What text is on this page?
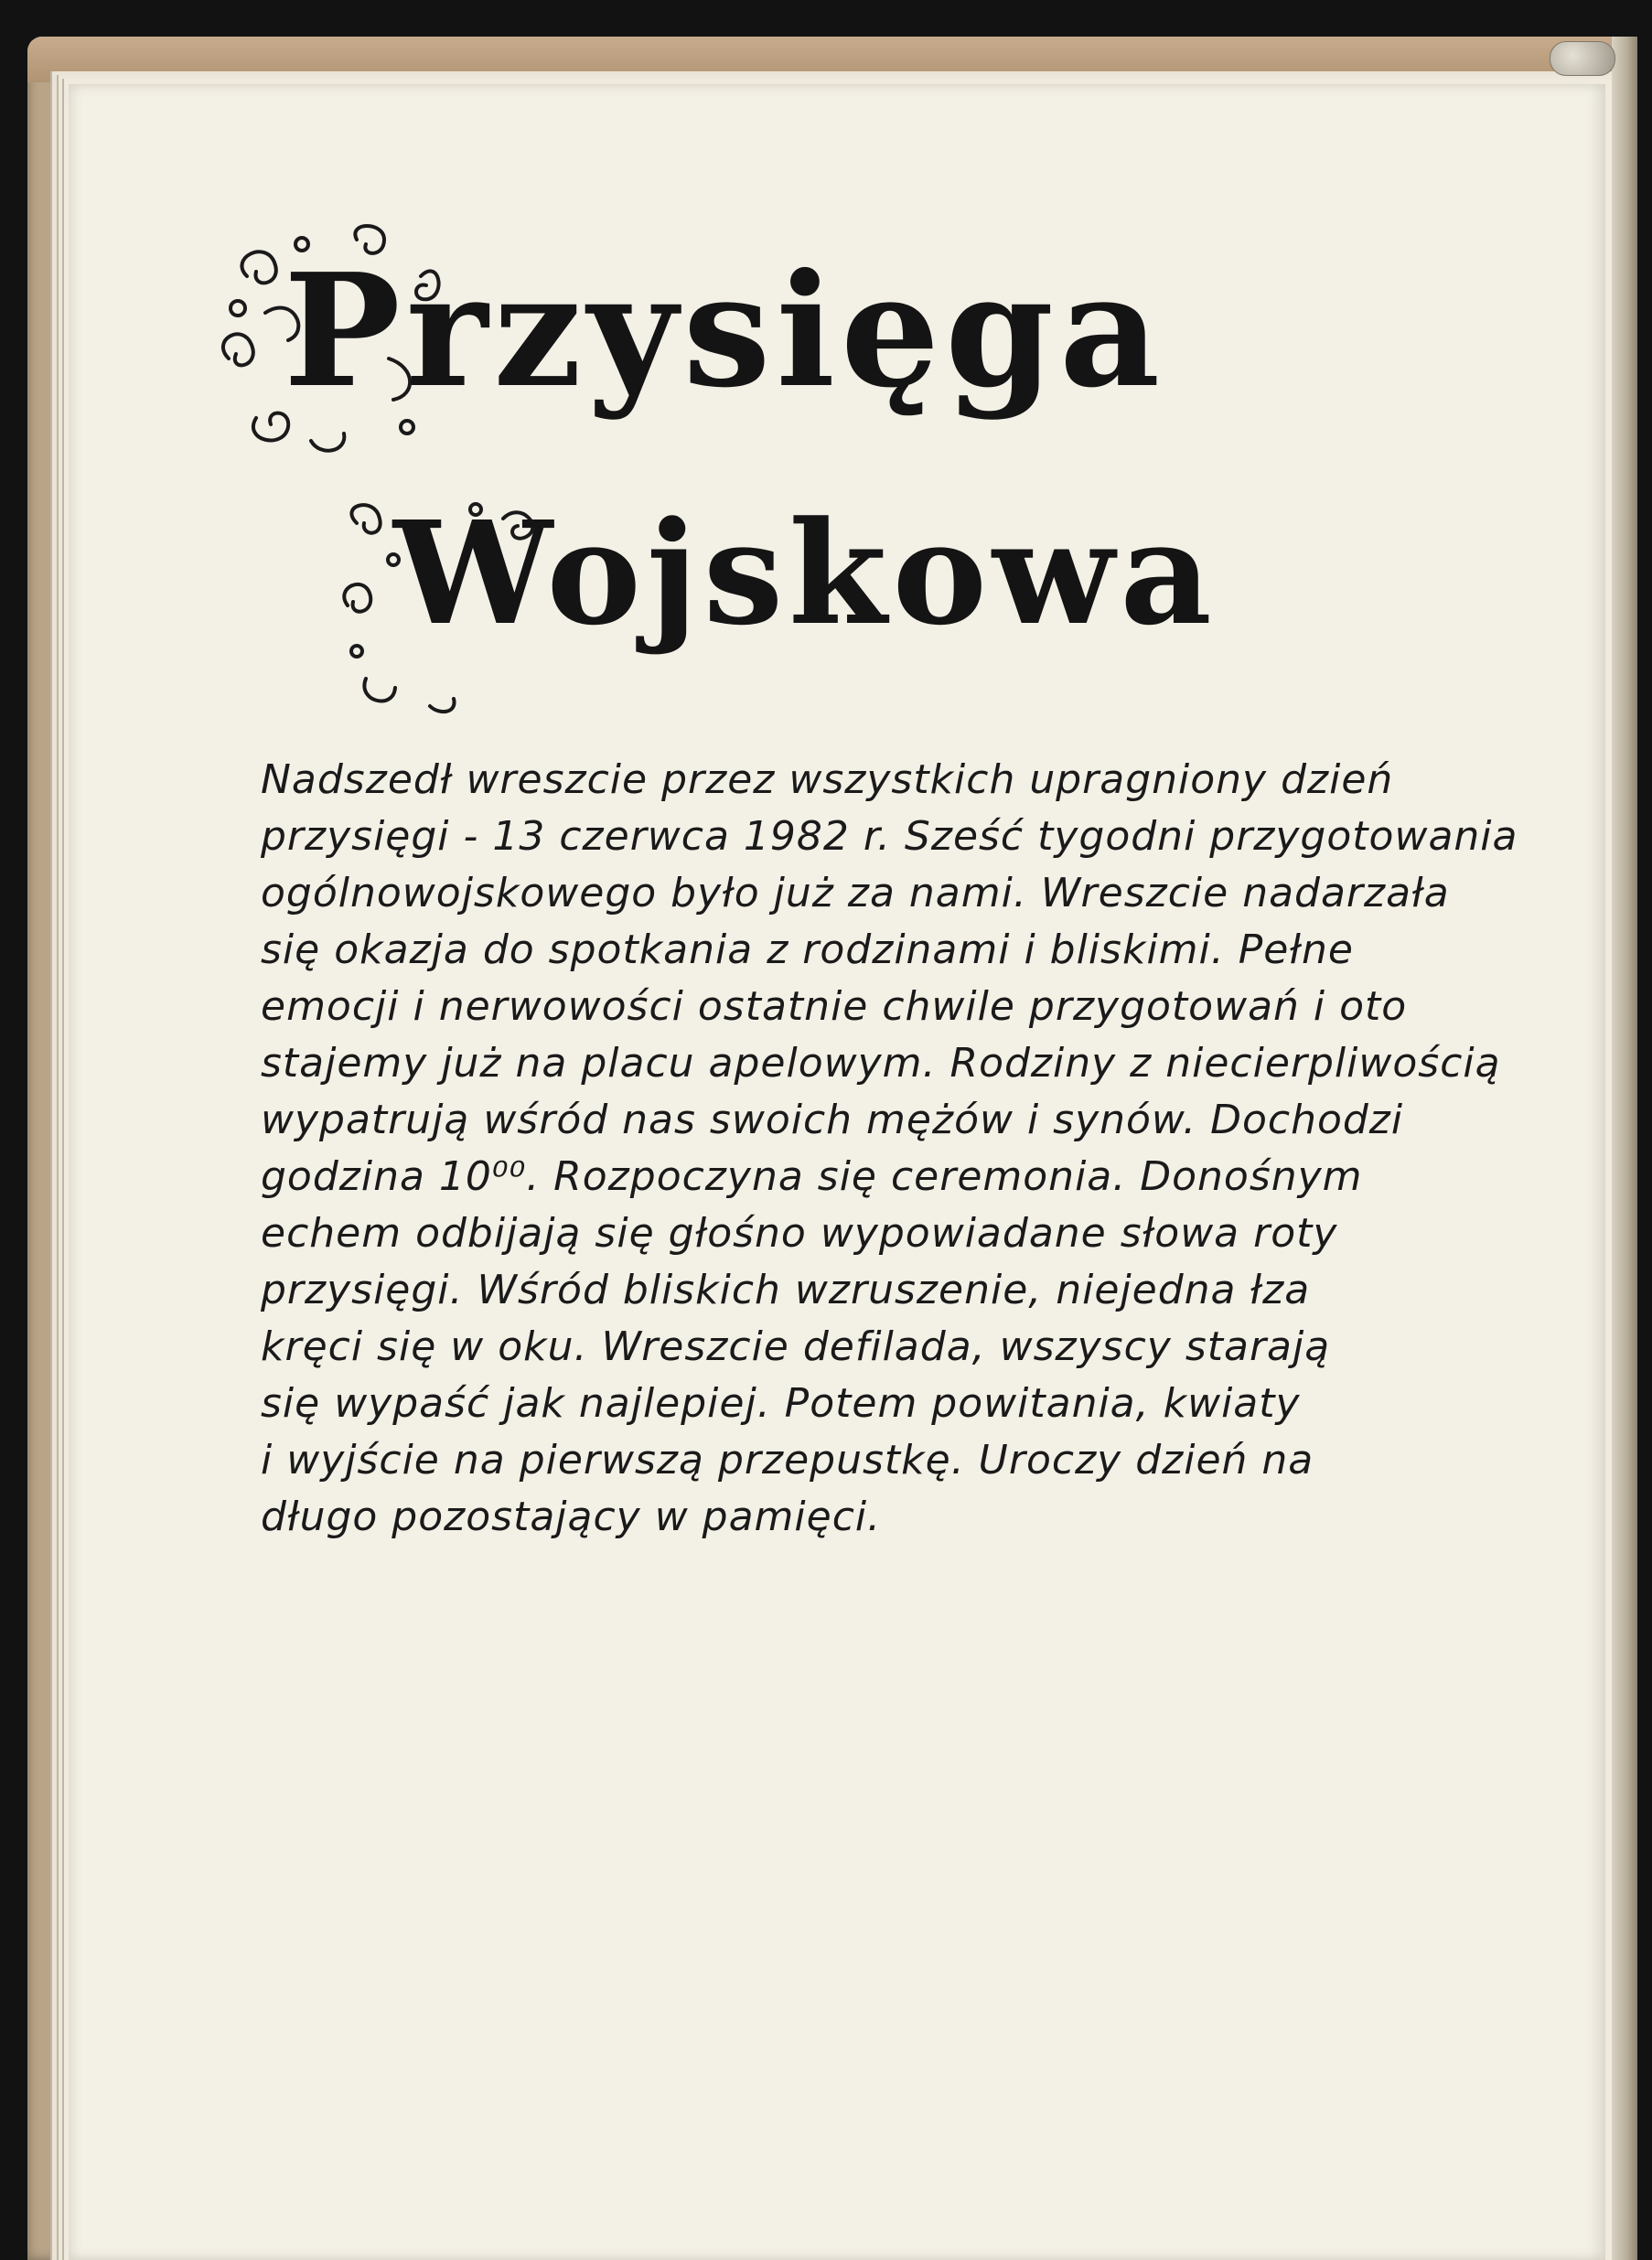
Przysięga
Wojskowa
Nadszedł wreszcie przez wszystkich upragniony dzień
przysięgi - 13 czerwca 1982 r. Sześć tygodni przygotowania
ogólnowojskowego było już za nami. Wreszcie nadarzała
się okazja do spotkania z rodzinami i bliskimi. Pełne
emocji i nerwowości ostatnie chwile przygotowań i oto
stajemy już na placu apelowym. Rodziny z niecierpliwością
wypatrują wśród nas swoich mężów i synów. Dochodzi
godzina 10⁰⁰. Rozpoczyna się ceremonia. Donośnym
echem odbijają się głośno wypowiadane słowa roty
przysięgi. Wśród bliskich wzruszenie, niejedna łza
kręci się w oku. Wreszcie defilada, wszyscy starają
się wypaść jak najlepiej. Potem powitania, kwiaty
i wyjście na pierwszą przepustkę. Uroczy dzień na
długo pozostający w pamięci.
